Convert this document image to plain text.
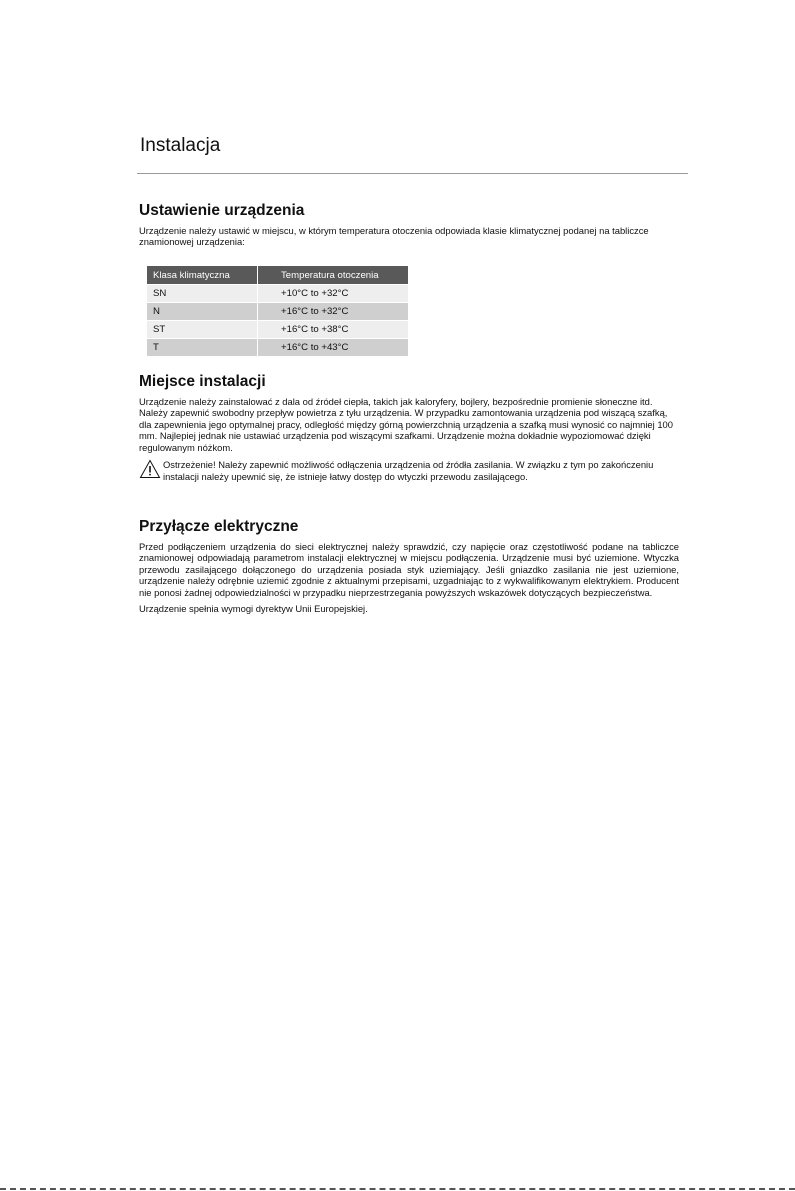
Instalacja
Ustawienie urządzenia

Urządzenie należy ustawić w miejscu, w którym temperatura otoczenia odpowiada klasie klimatycznej podanej na tabliczce znamionowej urządzenia:

Klasa klimatyczna	Temperatura otoczenia
SN	+10°C to +32°C
N	+16°C to +32°C
ST	+16°C to +38°C
T	+16°C to +43°C
Miejsce instalacji

Urządzenie należy zainstalować z dala od źródeł ciepła, takich jak kaloryfery, bojlery, bezpośrednie promienie słoneczne itd. Należy zapewnić swobodny przepływ powietrza z tyłu urządzenia. W przypadku zamontowania urządzenia pod wiszącą szafką, dla zapewnienia jego optymalnej pracy, odległość między górną powierzchnią urządzenia a szafką musi wynosić co najmniej 100 mm. Najlepiej jednak nie ustawiać urządzenia pod wiszącymi szafkami. Urządzenie można dokładnie wypoziomować dzięki regulowanym nóżkom.

Ostrzeżenie! Należy zapewnić możliwość odłączenia urządzenia od źródła zasilania. W związku z tym po zakończeniu instalacji należy upewnić się, że istnieje łatwy dostęp do wtyczki przewodu zasilającego.
Przyłącze elektryczne

Przed podłączeniem urządzenia do sieci elektrycznej należy sprawdzić, czy napięcie oraz częstotliwość podane na tabliczce znamionowej odpowiadają parametrom instalacji elektrycznej w miejscu podłączenia. Urządzenie musi być uziemione. Wtyczka przewodu zasilającego dołączonego do urządzenia posiada styk uziemiający. Jeśli gniazdko zasilania nie jest uziemione, urządzenie należy odrębnie uziemić zgodnie z aktualnymi przepisami, uzgadniając to z wykwalifikowanym elektrykiem. Producent nie ponosi żadnej odpowiedzialności w przypadku nieprzestrzegania powyższych wskazówek dotyczących bezpieczeństwa.

Urządzenie spełnia wymogi dyrektyw Unii Europejskiej.
